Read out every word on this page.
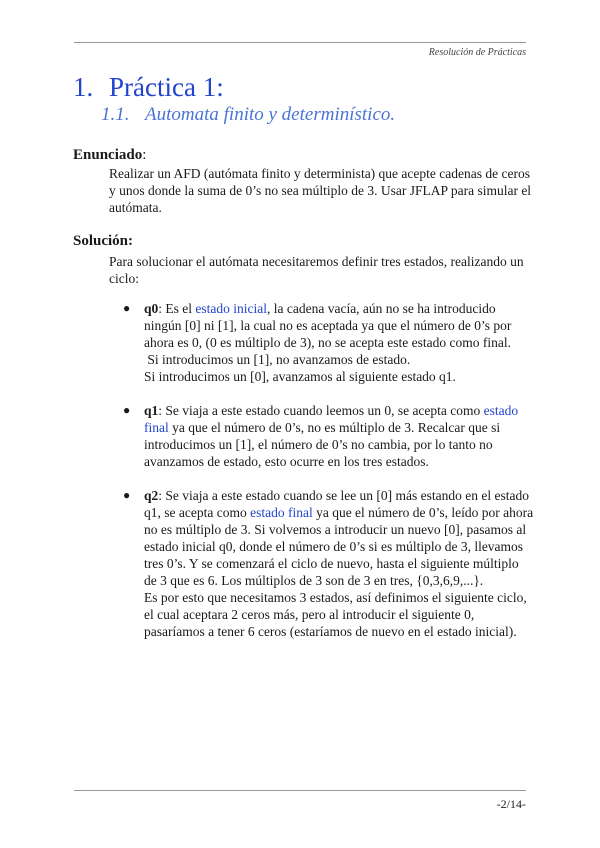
Resolución de Prácticas
1. Práctica 1:
1.1. Automata finito y determinístico.
Enunciado:

Realizar un AFD (autómata finito y determinista) que acepte cadenas de ceros y unos donde la suma de 0’s no sea múltiplo de 3. Usar JFLAP para simular el autómata.

Solución:

Para solucionar el autómata necesitaremos definir tres estados, realizando un ciclo:

● q0: Es el estado inicial, la cadena vacía, aún no se ha introducido ningún [0] ni [1], la cual no es aceptada ya que el número de 0’s por ahora es 0, (0 es múltiplo de 3), no se acepta este estado como final.
Si introducimos un [1], no avanzamos de estado.
Si introducimos un [0], avanzamos al siguiente estado q1.
● q1: Se viaja a este estado cuando leemos un 0, se acepta como estado final ya que el número de 0’s, no es múltiplo de 3. Recalcar que si introducimos un [1], el número de 0’s no cambia, por lo tanto no avanzamos de estado, esto ocurre en los tres estados.
● q2: Se viaja a este estado cuando se lee un [0] más estando en el estado q1, se acepta como estado final ya que el número de 0’s, leído por ahora no es múltiplo de 3. Si volvemos a introducir un nuevo [0], pasamos al estado inicial q0, donde el número de 0’s si es múltiplo de 3, llevamos tres 0’s. Y se comenzará el ciclo de nuevo, hasta el siguiente múltiplo de 3 que es 6. Los múltiplos de 3 son de 3 en tres, {0,3,6,9,...}.
Es por esto que necesitamos 3 estados, así definimos el siguiente ciclo, el cual aceptara 2 ceros más, pero al introducir el siguiente 0, pasaríamos a tener 6 ceros (estaríamos de nuevo en el estado inicial).
-2/14-
